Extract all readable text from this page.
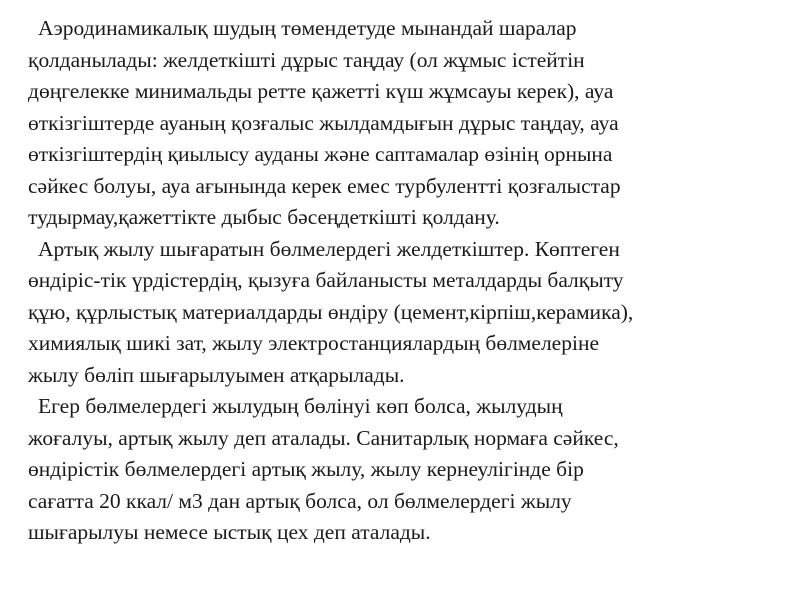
Аэродинамикалық шудың төмендетуде мынандай шаралар
қолданылады: желдеткішті дұрыс таңдау (ол жұмыс істейтін
дөңгелекке минимальды ретте қажетті күш жұмсауы керек), ауа
өткізгіштерде ауаның қозғалыс жылдамдығын дұрыс таңдау, ауа
өткізгіштердің қиылысу ауданы және саптамалар өзінің орнына
сәйкес болуы, ауа ағынында керек емес турбулентті қозғалыстар
тудырмау,қажеттікте дыбыс бәсеңдеткішті қолдану.
Артық жылу шығаратын бөлмелердегі желдеткіштер. Көптеген
өндіріс-тік үрдістердің, қызуға байланысты металдарды балқыту
құю, құрлыстық материалдарды өндіру (цемент,кірпіш,керамика),
химиялық шикі зат, жылу электростанциялардың бөлмелеріне
жылу бөліп шығарылуымен атқарылады.
Егер бөлмелердегі жылудың бөлінуі көп болса, жылудың
жоғалуы, артық жылу деп аталады. Санитарлық нормаға сәйкес,
өндірістік бөлмелердегі артық жылу, жылу кернеулігінде бір
сағатта 20 ккал/ м3 дан артық болса, ол бөлмелердегі жылу
шығарылуы немесе ыстық цех деп аталады.
